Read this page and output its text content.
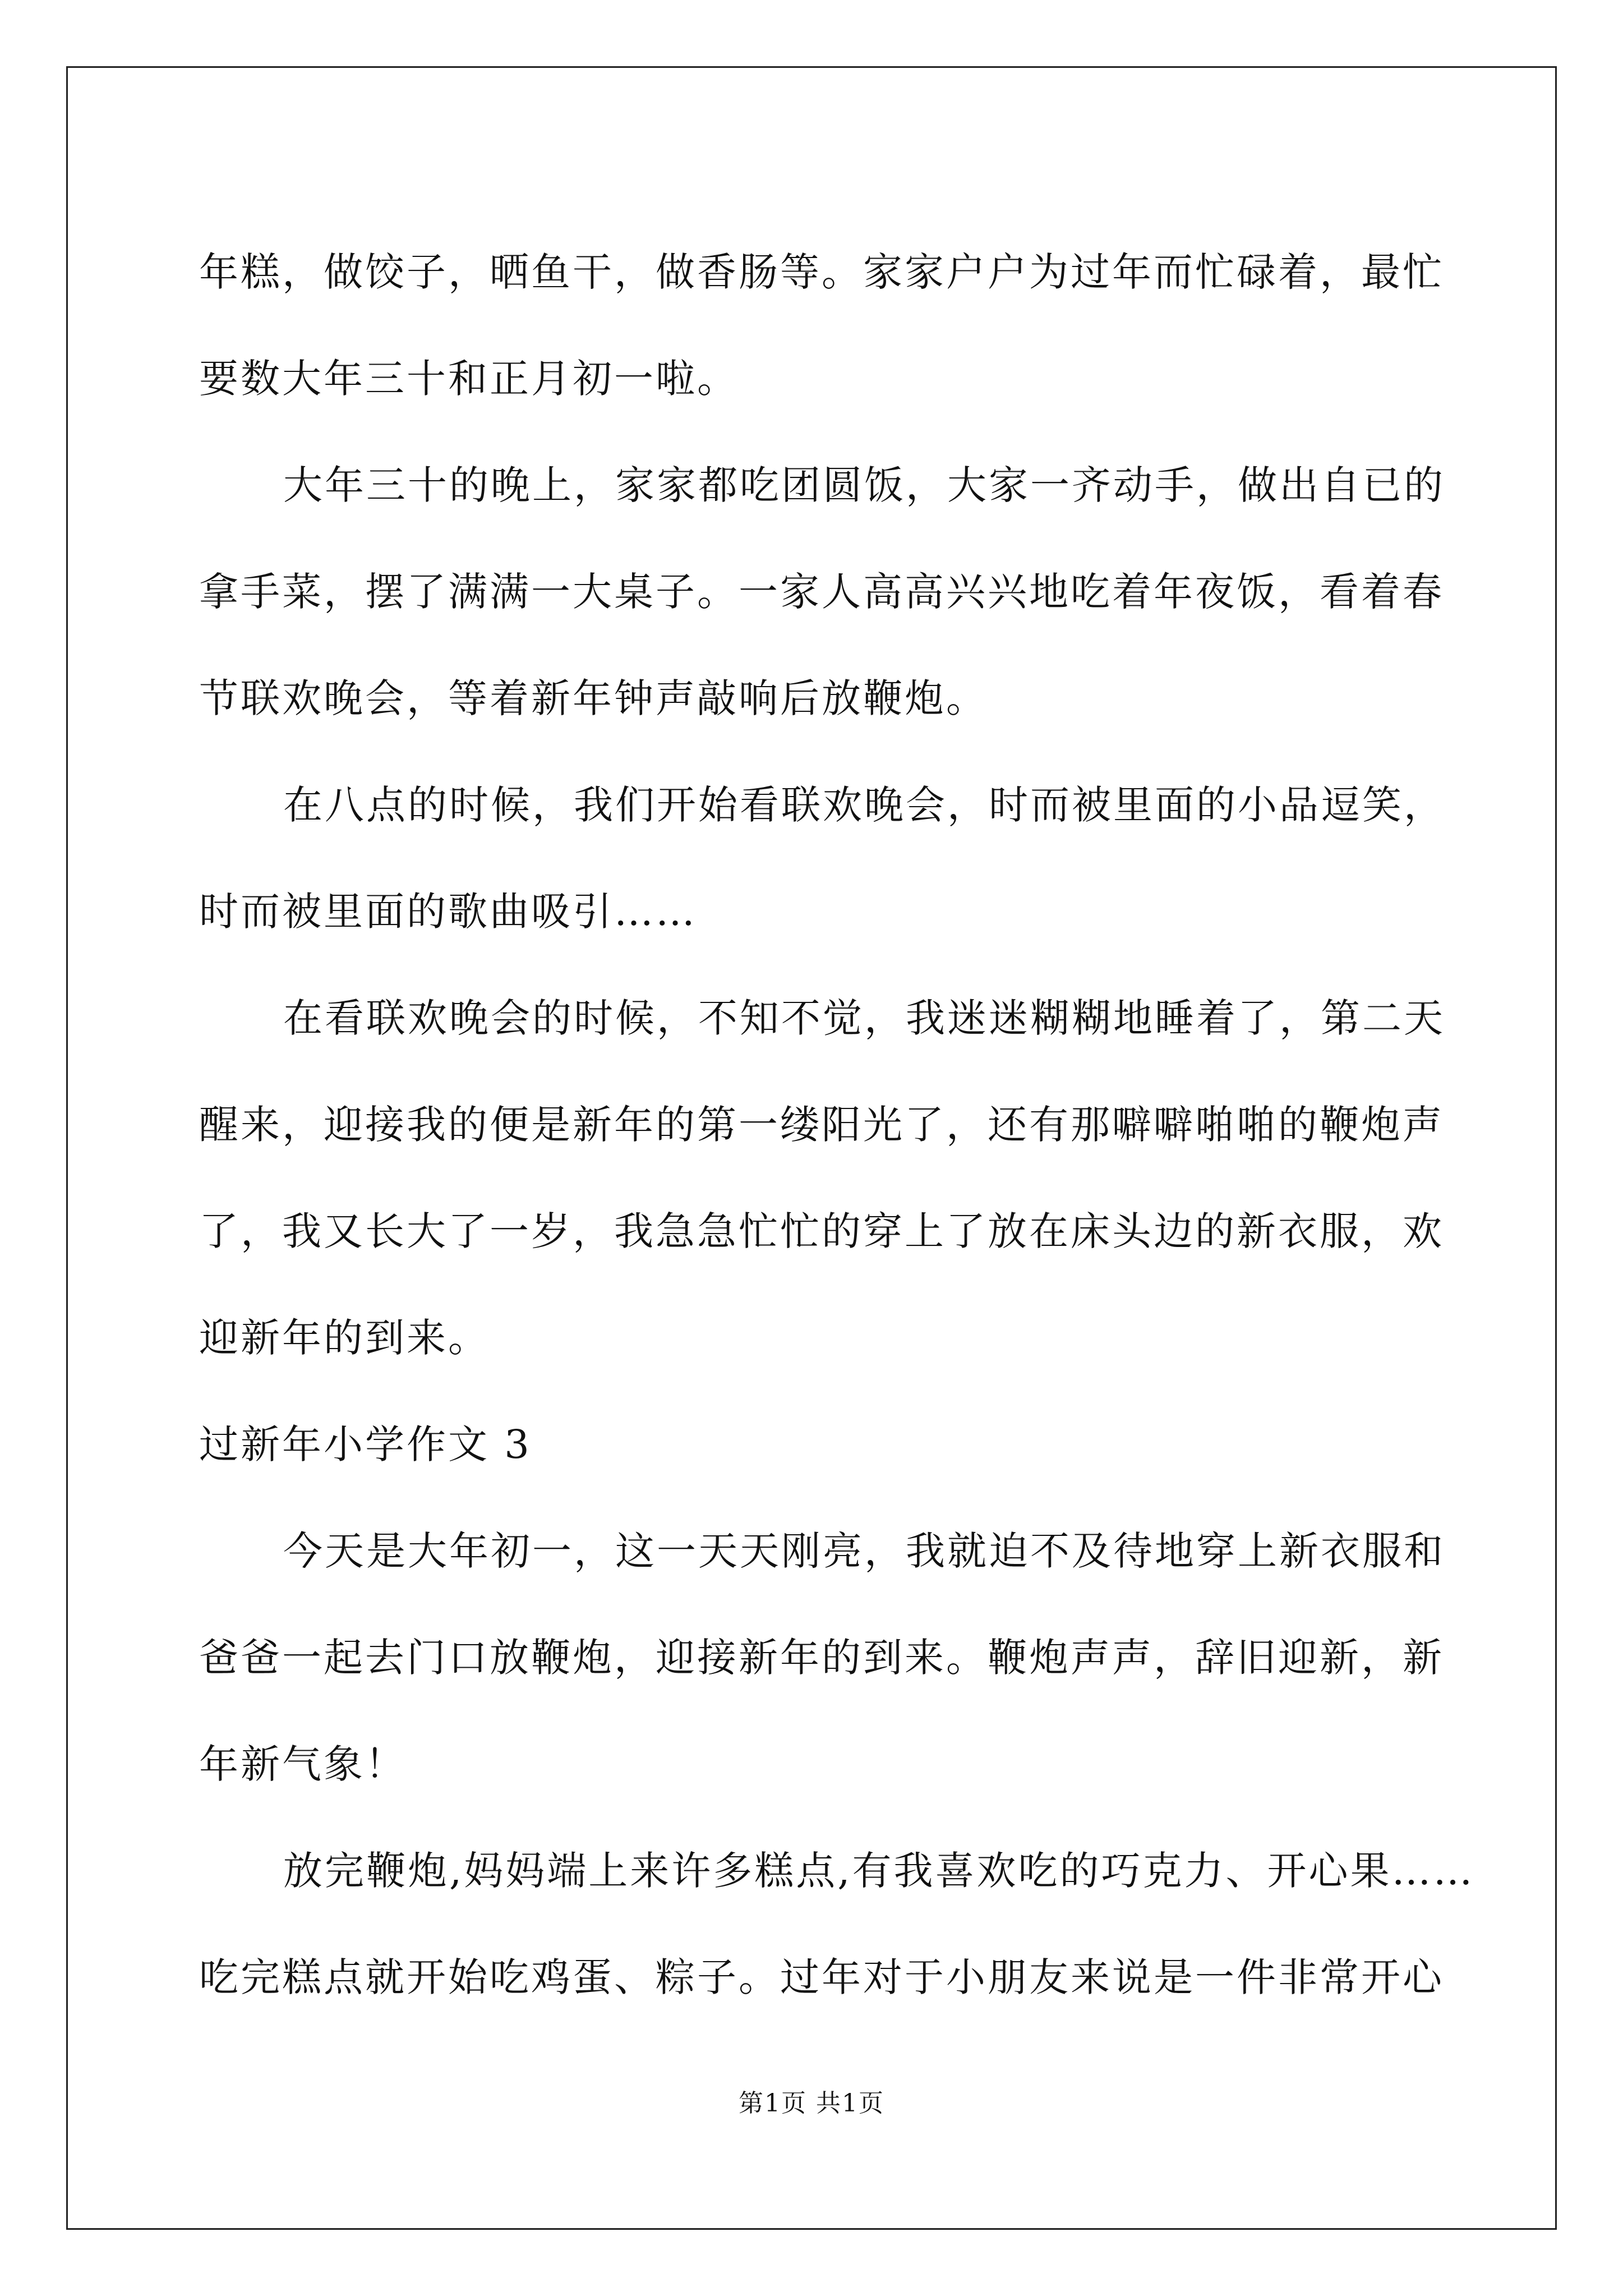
年糕，做饺子，晒鱼干，做香肠等。家家户户为过年而忙碌着，最忙
要数大年三十和正月初一啦。
大年三十的晚上，家家都吃团圆饭，大家一齐动手，做出自已的
拿手菜，摆了满满一大桌子。一家人高高兴兴地吃着年夜饭，看着春
节联欢晚会，等着新年钟声敲响后放鞭炮。
在八点的时候，我们开始看联欢晚会，时而被里面的小品逗笑，
时而被里面的歌曲吸引……
在看联欢晚会的时候，不知不觉，我迷迷糊糊地睡着了，第二天
醒来，迎接我的便是新年的第一缕阳光了，还有那噼噼啪啪的鞭炮声
了，我又长大了一岁，我急急忙忙的穿上了放在床头边的新衣服，欢
迎新年的到来。
过新年小学作文 3
今天是大年初一，这一天天刚亮，我就迫不及待地穿上新衣服和
爸爸一起去门口放鞭炮，迎接新年的到来。鞭炮声声，辞旧迎新，新
年新气象！
放完鞭炮,妈妈端上来许多糕点,有我喜欢吃的巧克力、开心果……
吃完糕点就开始吃鸡蛋、粽子。过年对于小朋友来说是一件非常开心
第1页 共1页
